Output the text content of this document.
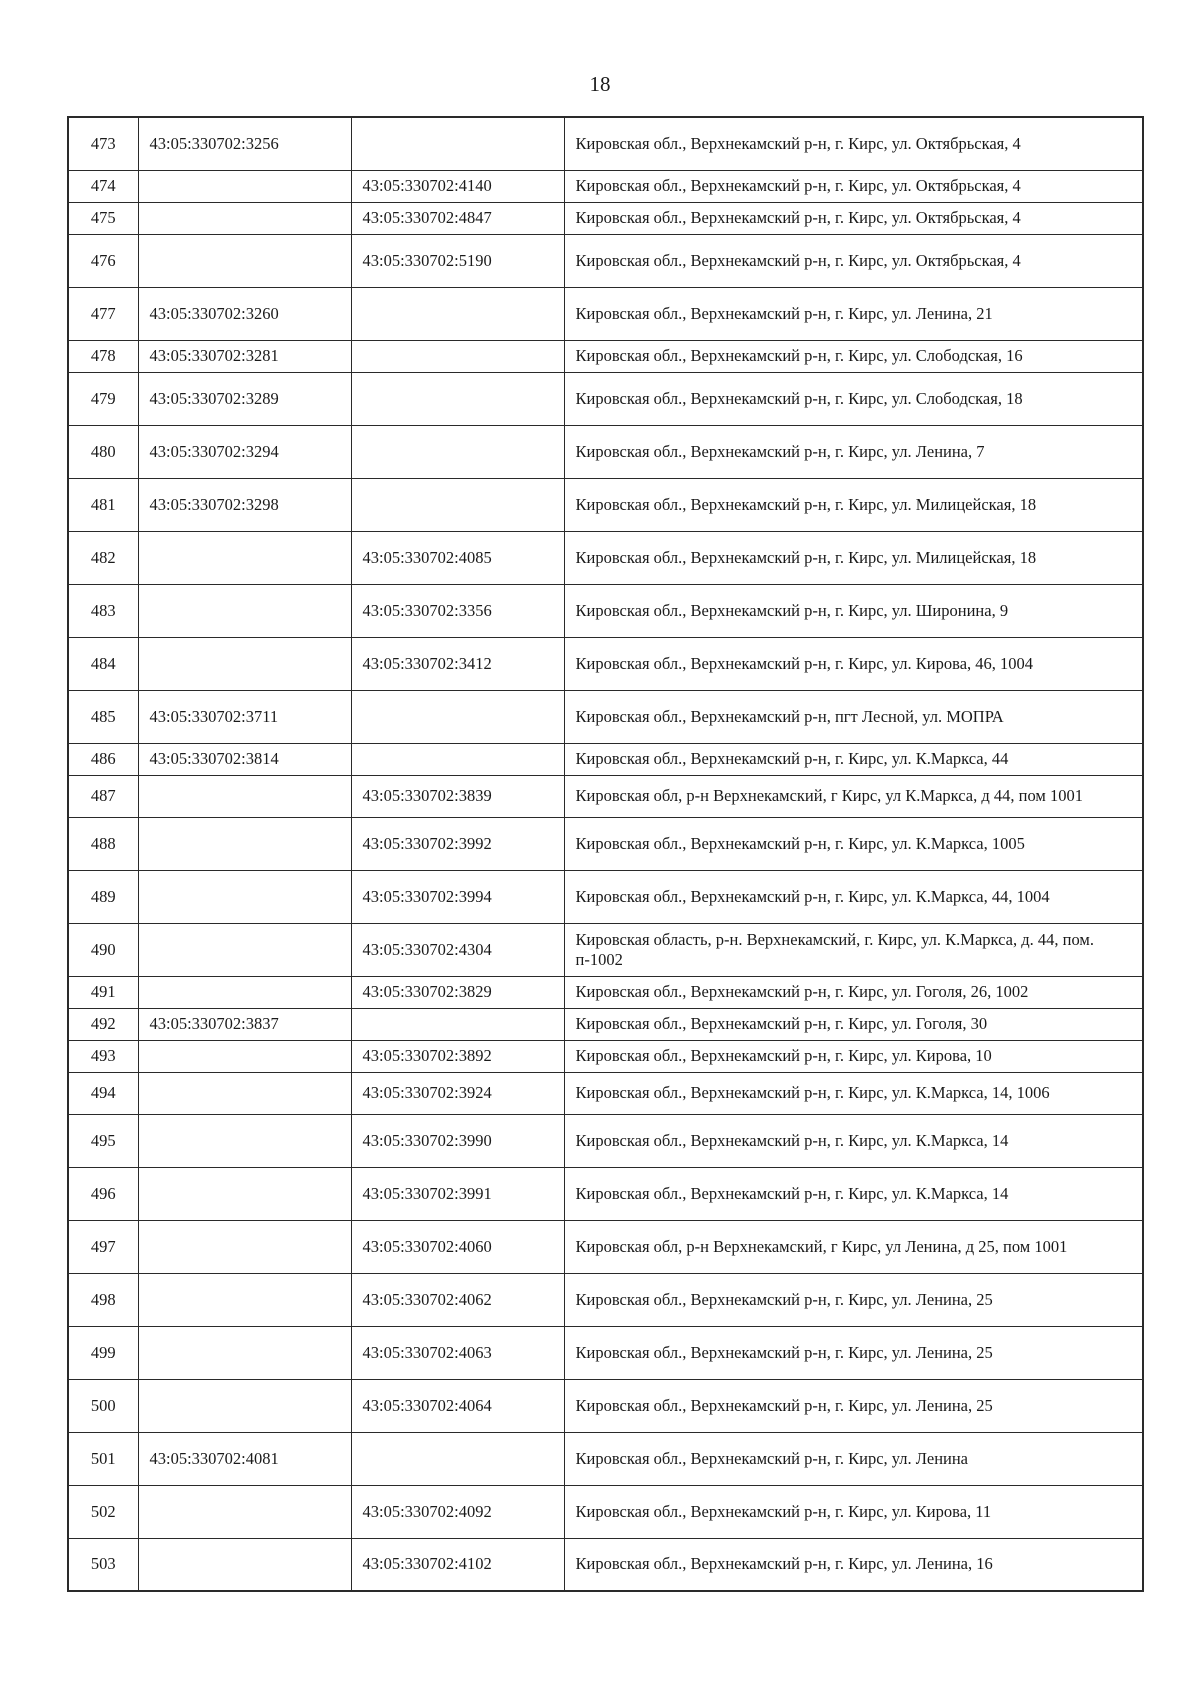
18
473	43:05:330702:3256		Кировская обл., Верхнекамский р-н, г. Кирс, ул. Октябрьская, 4
474		43:05:330702:4140	Кировская обл., Верхнекамский р-н, г. Кирс, ул. Октябрьская, 4
475		43:05:330702:4847	Кировская обл., Верхнекамский р-н, г. Кирс, ул. Октябрьская, 4
476		43:05:330702:5190	Кировская обл., Верхнекамский р-н, г. Кирс, ул. Октябрьская, 4
477	43:05:330702:3260		Кировская обл., Верхнекамский р-н, г. Кирс, ул. Ленина, 21
478	43:05:330702:3281		Кировская обл., Верхнекамский р-н, г. Кирс, ул. Слободская, 16
479	43:05:330702:3289		Кировская обл., Верхнекамский р-н, г. Кирс, ул. Слободская, 18
480	43:05:330702:3294		Кировская обл., Верхнекамский р-н, г. Кирс, ул. Ленина, 7
481	43:05:330702:3298		Кировская обл., Верхнекамский р-н, г. Кирс, ул. Милицейская, 18
482		43:05:330702:4085	Кировская обл., Верхнекамский р-н, г. Кирс, ул. Милицейская, 18
483		43:05:330702:3356	Кировская обл., Верхнекамский р-н, г. Кирс, ул. Широнина, 9
484		43:05:330702:3412	Кировская обл., Верхнекамский р-н, г. Кирс, ул. Кирова, 46, 1004
485	43:05:330702:3711		Кировская обл., Верхнекамский р-н, пгт Лесной, ул. МОПРА
486	43:05:330702:3814		Кировская обл., Верхнекамский р-н, г. Кирс, ул. К.Маркса, 44
487		43:05:330702:3839	Кировская обл, р-н Верхнекамский, г Кирс, ул К.Маркса, д 44, пом 1001
488		43:05:330702:3992	Кировская обл., Верхнекамский р-н, г. Кирс, ул. К.Маркса, 1005
489		43:05:330702:3994	Кировская обл., Верхнекамский р-н, г. Кирс, ул. К.Маркса, 44, 1004
490		43:05:330702:4304	Кировская область, р-н. Верхнекамский, г. Кирс, ул. К.Маркса, д. 44, пом. п-1002
491		43:05:330702:3829	Кировская обл., Верхнекамский р-н, г. Кирс, ул. Гоголя, 26, 1002
492	43:05:330702:3837		Кировская обл., Верхнекамский р-н, г. Кирс, ул. Гоголя, 30
493		43:05:330702:3892	Кировская обл., Верхнекамский р-н, г. Кирс, ул. Кирова, 10
494		43:05:330702:3924	Кировская обл., Верхнекамский р-н, г. Кирс, ул. К.Маркса, 14, 1006
495		43:05:330702:3990	Кировская обл., Верхнекамский р-н, г. Кирс, ул. К.Маркса, 14
496		43:05:330702:3991	Кировская обл., Верхнекамский р-н, г. Кирс, ул. К.Маркса, 14
497		43:05:330702:4060	Кировская обл, р-н Верхнекамский, г Кирс, ул Ленина, д 25, пом 1001
498		43:05:330702:4062	Кировская обл., Верхнекамский р-н, г. Кирс, ул. Ленина, 25
499		43:05:330702:4063	Кировская обл., Верхнекамский р-н, г. Кирс, ул. Ленина, 25
500		43:05:330702:4064	Кировская обл., Верхнекамский р-н, г. Кирс, ул. Ленина, 25
501	43:05:330702:4081		Кировская обл., Верхнекамский р-н, г. Кирс, ул. Ленина
502		43:05:330702:4092	Кировская обл., Верхнекамский р-н, г. Кирс, ул. Кирова, 11
503		43:05:330702:4102	Кировская обл., Верхнекамский р-н, г. Кирс, ул. Ленина, 16
